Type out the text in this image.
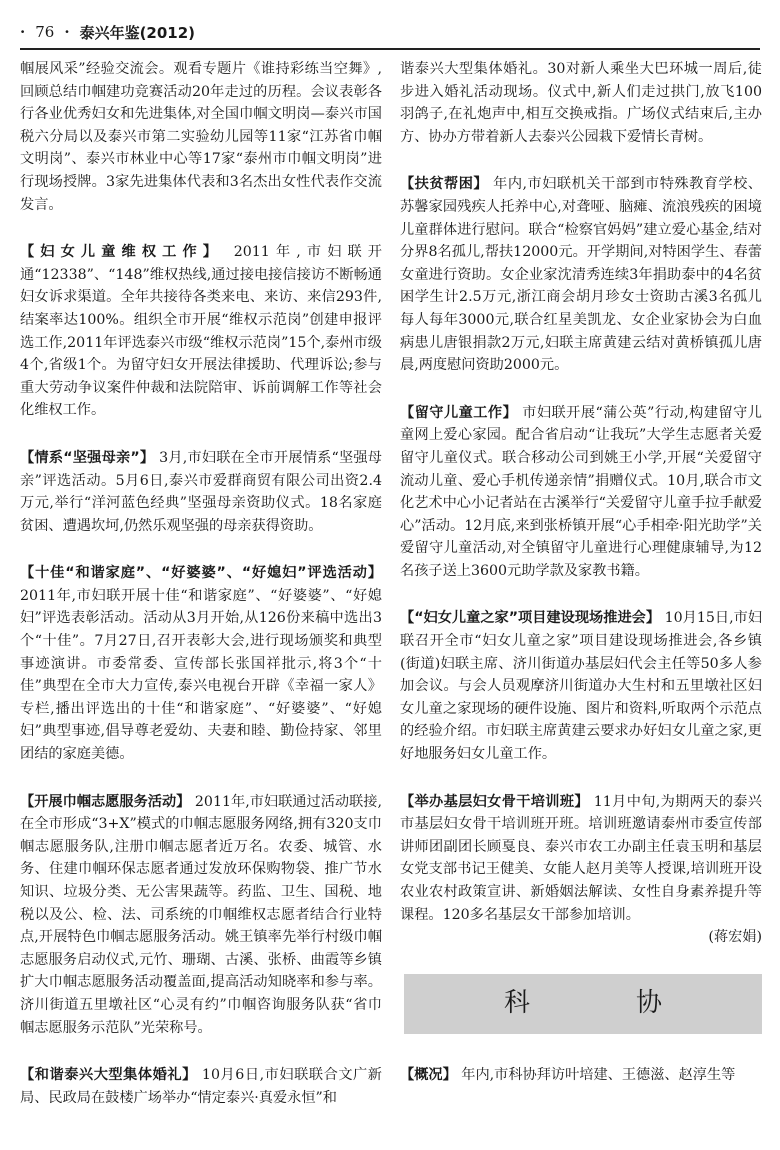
· 76 · 泰兴年鉴(2012)

帼展风采”经验交流会。观看专题片《谁持彩练当空舞》,回顾总结巾帼建功竞赛活动20年走过的历程。会议表彰各行各业优秀妇女和先进集体,对全国巾帼文明岗—泰兴市国税六分局以及泰兴市第二实验幼儿园等11家“江苏省巾帼文明岗”、泰兴市林业中心等17家“泰州市巾帼文明岗”进行现场授牌。3家先进集体代表和3名杰出女性代表作交流发言。

【妇女儿童维权工作】 2011年,市妇联开通“12338”、“148”维权热线,通过接电接信接访不断畅通妇女诉求渠道。全年共接待各类来电、来访、来信293件,结案率达100%。组织全市开展“维权示范岗”创建申报评选工作,2011年评选泰兴市级“维权示范岗”15个,泰州市级4个,省级1个。为留守妇女开展法律援助、代理诉讼;参与重大劳动争议案件仲裁和法院陪审、诉前调解工作等社会化维权工作。

【情系“坚强母亲”】 3月,市妇联在全市开展情系“坚强母亲”评选活动。5月6日,泰兴市爱群商贸有限公司出资2.4万元,举行“洋河蓝色经典”坚强母亲资助仪式。18名家庭贫困、遭遇坎坷,仍然乐观坚强的母亲获得资助。

【十佳“和谐家庭”、“好婆婆”、“好媳妇”评选活动】 2011年,市妇联开展十佳“和谐家庭”、“好婆婆”、“好媳妇”评选表彰活动。活动从3月开始,从126份来稿中选出3个“十佳”。7月27日,召开表彰大会,进行现场颁奖和典型事迹演讲。市委常委、宣传部长张国祥批示,将3个“十佳”典型在全市大力宣传,泰兴电视台开辟《幸福一家人》专栏,播出评选出的十佳“和谐家庭”、“好婆婆”、“好媳妇”典型事迹,倡导尊老爱幼、夫妻和睦、勤俭持家、邻里团结的家庭美德。

【开展巾帼志愿服务活动】 2011年,市妇联通过活动联接,在全市形成“3+X”模式的巾帼志愿服务网络,拥有320支巾帼志愿服务队,注册巾帼志愿者近万名。农委、城管、水务、住建巾帼环保志愿者通过发放环保购物袋、推广节水知识、垃圾分类、无公害果蔬等。药监、卫生、国税、地税以及公、检、法、司系统的巾帼维权志愿者结合行业特点,开展特色巾帼志愿服务活动。姚王镇率先举行村级巾帼志愿服务启动仪式,元竹、珊瑚、古溪、张桥、曲霞等乡镇扩大巾帼志愿服务活动覆盖面,提高活动知晓率和参与率。济川街道五里墩社区“心灵有约”巾帼咨询服务队获“省巾帼志愿服务示范队”光荣称号。

【和谐泰兴大型集体婚礼】 10月6日,市妇联联合文广新局、民政局在鼓楼广场举办“情定泰兴·真爱永恒”和

谐泰兴大型集体婚礼。30对新人乘坐大巴环城一周后,徒步进入婚礼活动现场。仪式中,新人们走过拱门,放飞100羽鸽子,在礼炮声中,相互交换戒指。广场仪式结束后,主办方、协办方带着新人去泰兴公园栽下爱情长青树。

【扶贫帮困】 年内,市妇联机关干部到市特殊教育学校、苏馨家园残疾人托养中心,对聋哑、脑瘫、流浪残疾的困境儿童群体进行慰问。联合“检察官妈妈”建立爱心基金,结对分界8名孤儿,帮扶12000元。开学期间,对特困学生、春蕾女童进行资助。女企业家沈清秀连续3年捐助泰中的4名贫困学生计2.5万元,浙江商会胡月珍女士资助古溪3名孤儿每人每年3000元,联合红星美凯龙、女企业家协会为白血病患儿唐银捐款2万元,妇联主席黄建云结对黄桥镇孤儿唐晨,两度慰问资助2000元。

【留守儿童工作】 市妇联开展“蒲公英”行动,构建留守儿童网上爱心家园。配合省启动“让我玩”大学生志愿者关爱留守儿童仪式。联合移动公司到姚王小学,开展“关爱留守流动儿童、爱心手机传递亲情”捐赠仪式。10月,联合市文化艺术中心小记者站在古溪举行“关爱留守儿童手拉手献爱心”活动。12月底,来到张桥镇开展“心手相牵·阳光助学”关爱留守儿童活动,对全镇留守儿童进行心理健康辅导,为12名孩子送上3600元助学款及家教书籍。

【“妇女儿童之家”项目建设现场推进会】 10月15日,市妇联召开全市“妇女儿童之家”项目建设现场推进会,各乡镇(街道)妇联主席、济川街道办基层妇代会主任等50多人参加会议。与会人员观摩济川街道办大生村和五里墩社区妇女儿童之家现场的硬件设施、图片和资料,听取两个示范点的经验介绍。市妇联主席黄建云要求办好妇女儿童之家,更好地服务妇女儿童工作。

【举办基层妇女骨干培训班】 11月中旬,为期两天的泰兴市基层妇女骨干培训班开班。培训班邀请泰州市委宣传部讲师团副团长顾戛良、泰兴市农工办副主任袁玉明和基层女党支部书记王健美、女能人赵月美等人授课,培训班开设农业农村政策宣讲、新婚姻法解读、女性自身素养提升等课程。120多名基层女干部参加培训。
(蒋宏娟)

科　协

【概况】 年内,市科协拜访叶培建、王德滋、赵淳生等
